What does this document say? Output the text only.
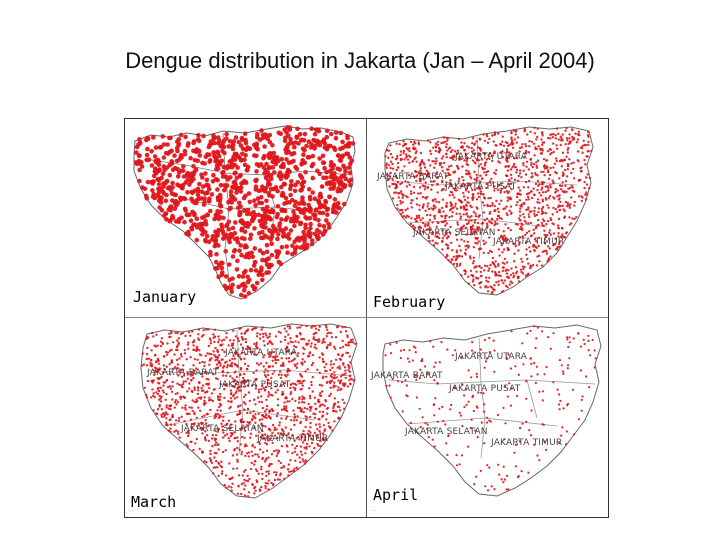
Dengue distribution in Jakarta (Jan – April 2004)
January
JAKARTA UTARA
JAKARTA BARAT
JAKARTA PUSAT
JAKARTA SELATAN
JAKARTA TIMUR
February
JAKARTA UTARA
JAKARTA BARAT
JAKARTA PUSAT
JAKARTA SELATAN
JAKARTA TIMUR
March
· ·
JAKARTA UTARA
JAKARTA BARAT
JAKARTA PUSAT
JAKARTA SELATAN
JAKARTA TIMUR
April
· ·
